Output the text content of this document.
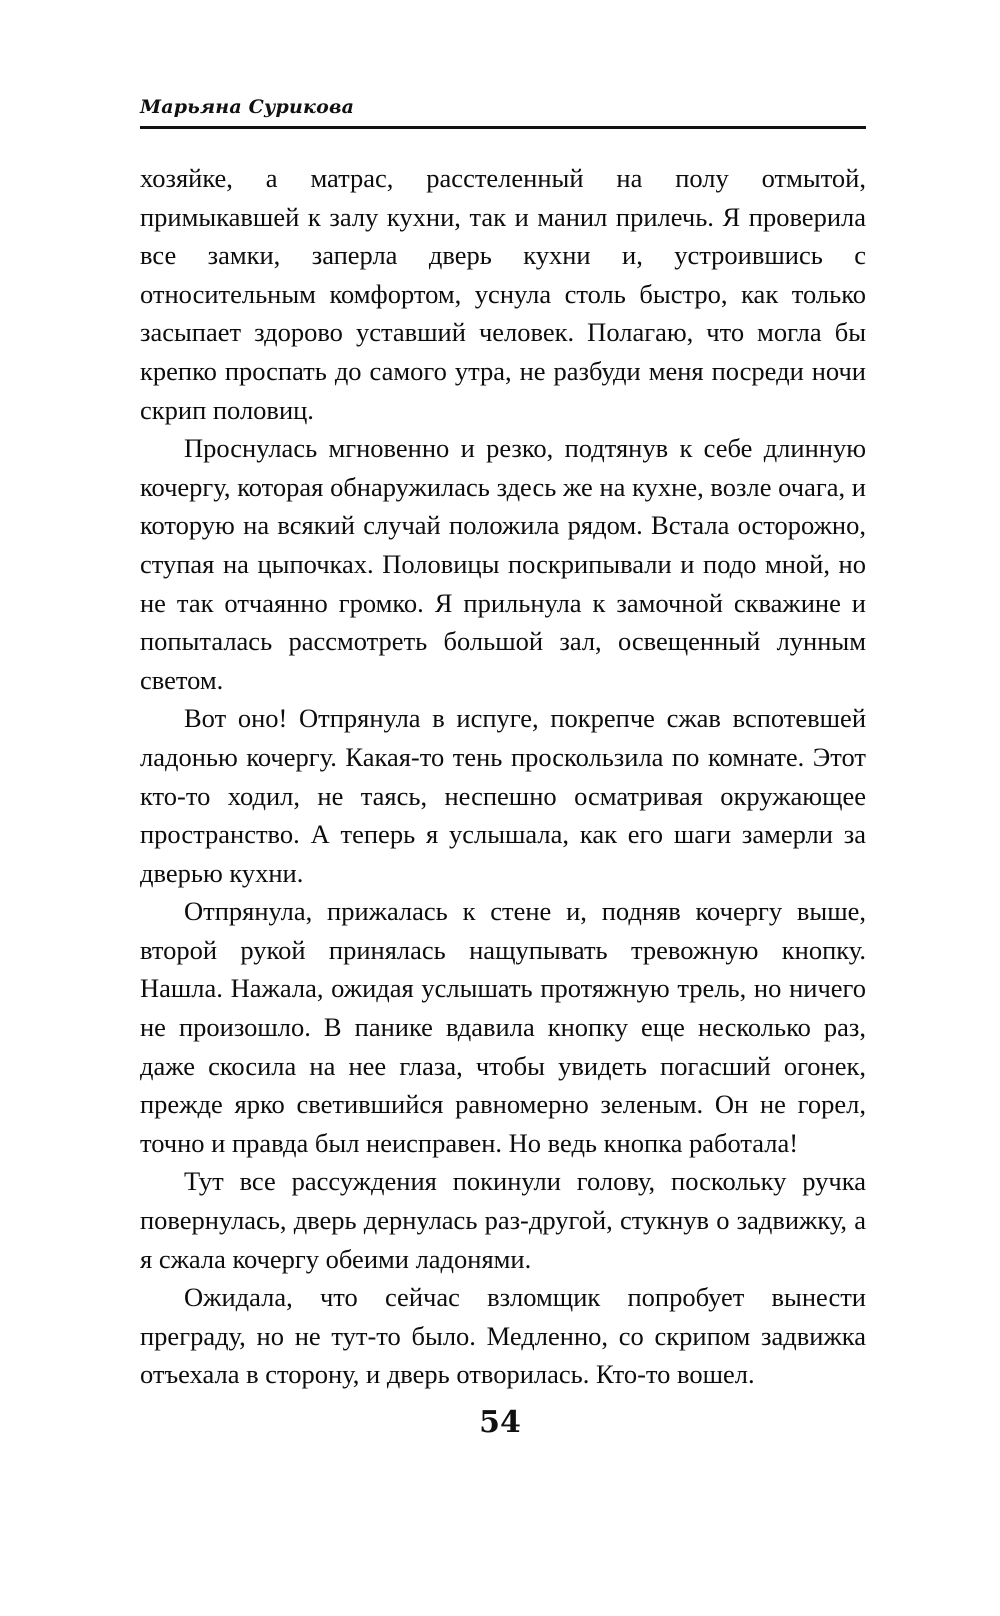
Марьяна Сурикова

хозяйке, а матрас, расстеленный на полу отмытой, примыкавшей к залу кухни, так и манил прилечь. Я проверила все замки, заперла дверь кухни и, устроившись с относительным комфортом, уснула столь быстро, как только засыпает здорово уставший человек. Полагаю, что могла бы крепко проспать до самого утра, не разбуди меня посреди ночи скрип половиц.

Проснулась мгновенно и резко, подтянув к себе длинную кочергу, которая обнаружилась здесь же на кухне, возле очага, и которую на всякий случай положила рядом. Встала осторожно, ступая на цыпочках. Половицы поскрипывали и подо мной, но не так отчаянно громко. Я прильнула к замочной скважине и попыталась рассмотреть большой зал, освещенный лунным светом.

Вот оно! Отпрянула в испуге, покрепче сжав вспотевшей ладонью кочергу. Какая-то тень проскользила по комнате. Этот кто-то ходил, не таясь, неспешно осматривая окружающее пространство. А теперь я услышала, как его шаги замерли за дверью кухни.

Отпрянула, прижалась к стене и, подняв кочергу выше, второй рукой принялась нащупывать тревожную кнопку. Нашла. Нажала, ожидая услышать протяжную трель, но ничего не произошло. В панике вдавила кнопку еще несколько раз, даже скосила на нее глаза, чтобы увидеть погасший огонек, прежде ярко светившийся равномерно зеленым. Он не горел, точно и правда был неисправен. Но ведь кнопка работала!

Тут все рассуждения покинули голову, поскольку ручка повернулась, дверь дернулась раз-другой, стукнув о задвижку, а я сжала кочергу обеими ладонями.

Ожидала, что сейчас взломщик попробует вынести преграду, но не тут-то было. Медленно, со скрипом задвижка отъехала в сторону, и дверь отворилась. Кто-то вошел.

54
